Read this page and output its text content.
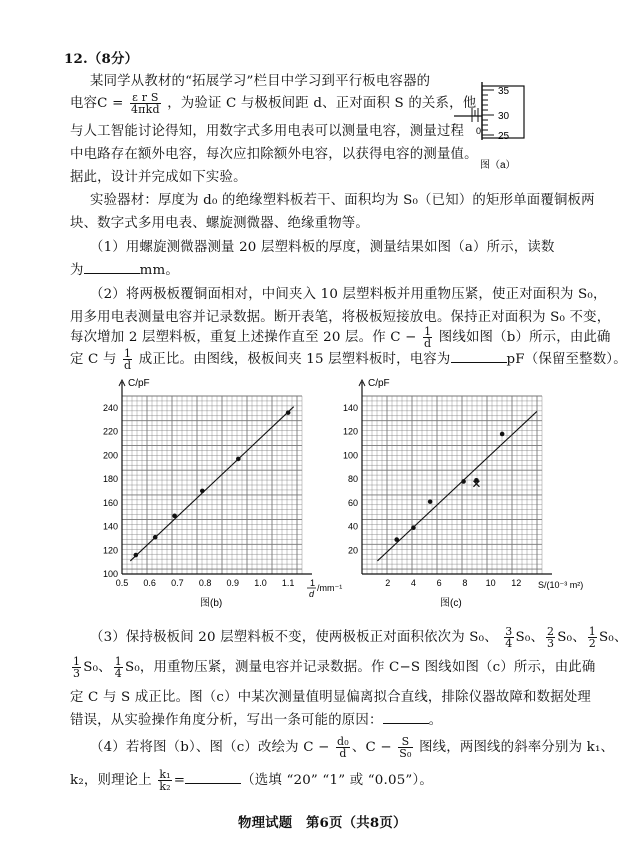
12.（8分）
某同学从教材的“拓展学习”栏目中学习到平行板电容器的
电容$C = \frac{\text{ε r S}}{\text{4πkd}}$ ，为验证 C 与极板间距 d、正对面积 S 的关系，他
与人工智能讨论得知，用数字式多用电表可以测量电容，测量过程
中电路存在额外电容，每次应扣除额外电容，以获得电容的测量值。
据此，设计并完成如下实验。
实验器材：厚度为 d₀ 的绝缘塑料板若干、面积均为 S₀（已知）的矩形单面覆铜板两
块、数字式多用电表、螺旋测微器、绝缘重物等。
（1）用螺旋测微器测量 20 层塑料板的厚度，测量结果如图（a）所示，读数
为	mm。
（2）将两极板覆铜面相对，中间夹入 10 层塑料板并用重物压紧，使正对面积为 S₀，
用多用电表测量电容并记录数据。断开表笔，将极板短接放电。保持正对面积为 S₀ 不变，
每次增加 2 层塑料板，重复上述操作直至 20 层。作 $C - \frac{1}{d}$ 图线如图（b）所示，由此确
定 C 与 $\frac{1}{d}$ 成正比。由图线，极板间夹 15 层塑料板时，电容为	pF（保留至整数）。
35
30
25
0
图（a）
C/pF
100
120
140
160
180
200
220
240
0.5 0.6 0.7 0.8 0.9 1.0 1.1 1
d
/mm⁻¹
图(b)
C/pF
20
40
60
80
100
120
140
2 4 6 8 10 12 S/(10⁻³ m²)
图(c)
（3）保持极板间 20 层塑料板不变，使两极板正对面积依次为 S₀、 $\frac{3}{4} S_0$、 $\frac{2}{3} S_0$、 $\frac{1}{2} S_0$、
$\frac{1}{3} S_0$、 $\frac{1}{4} S_0$，用重物压紧，测量电容并记录数据。作 C−S 图线如图（c）所示，由此确
定 C 与 S 成正比。图（c）中某次测量值明显偏离拟合直线，排除仪器故障和数据处理
错误，从实验操作角度分析，写出一条可能的原因：	。
（4）若将图（b）、图（c）改绘为 $C - \frac{\text{d₀}}{d}$ 、$C - \frac{S}{\text{S₀}}$ 图线，两图线的斜率分别为 k₁、
k₂，则理论上 $\frac{\text{k₁}}{\text{k₂}}$ =	（选填 “20” “1” 或 “0.05”）。
物理试题　第6页（共8页）
